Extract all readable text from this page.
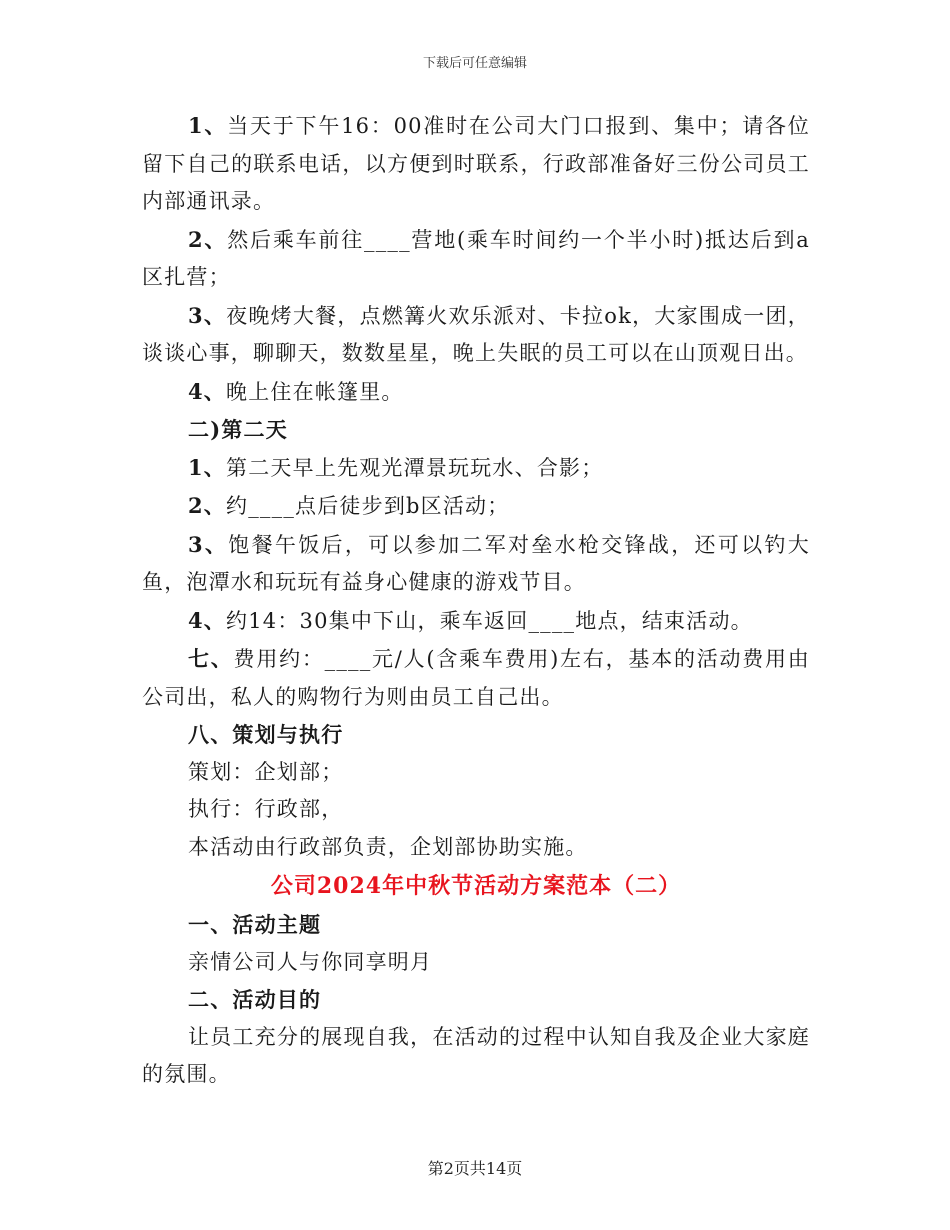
下载后可任意编辑

1、当天于下午16：00准时在公司大门口报到、集中；请各位留下自己的联系电话，以方便到时联系，行政部准备好三份公司员工内部通讯录。

2、然后乘车前往____营地(乘车时间约一个半小时)抵达后到a区扎营；

3、夜晚烤大餐，点燃篝火欢乐派对、卡拉ok，大家围成一团，谈谈心事，聊聊天，数数星星，晚上失眠的员工可以在山顶观日出。

4、晚上住在帐篷里。

二)第二天

1、第二天早上先观光潭景玩玩水、合影；

2、约____点后徒步到b区活动；

3、饱餐午饭后，可以参加二军对垒水枪交锋战，还可以钓大鱼，泡潭水和玩玩有益身心健康的游戏节目。

4、约14：30集中下山，乘车返回____地点，结束活动。

七、费用约：____元/人(含乘车费用)左右，基本的活动费用由公司出，私人的购物行为则由员工自己出。

八、策划与执行

策划：企划部；

执行：行政部，

本活动由行政部负责，企划部协助实施。

公司2024年中秋节活动方案范本（二）

一、活动主题

亲情公司人与你同享明月

二、活动目的

让员工充分的展现自我，在活动的过程中认知自我及企业大家庭的氛围。

第2页共14页
